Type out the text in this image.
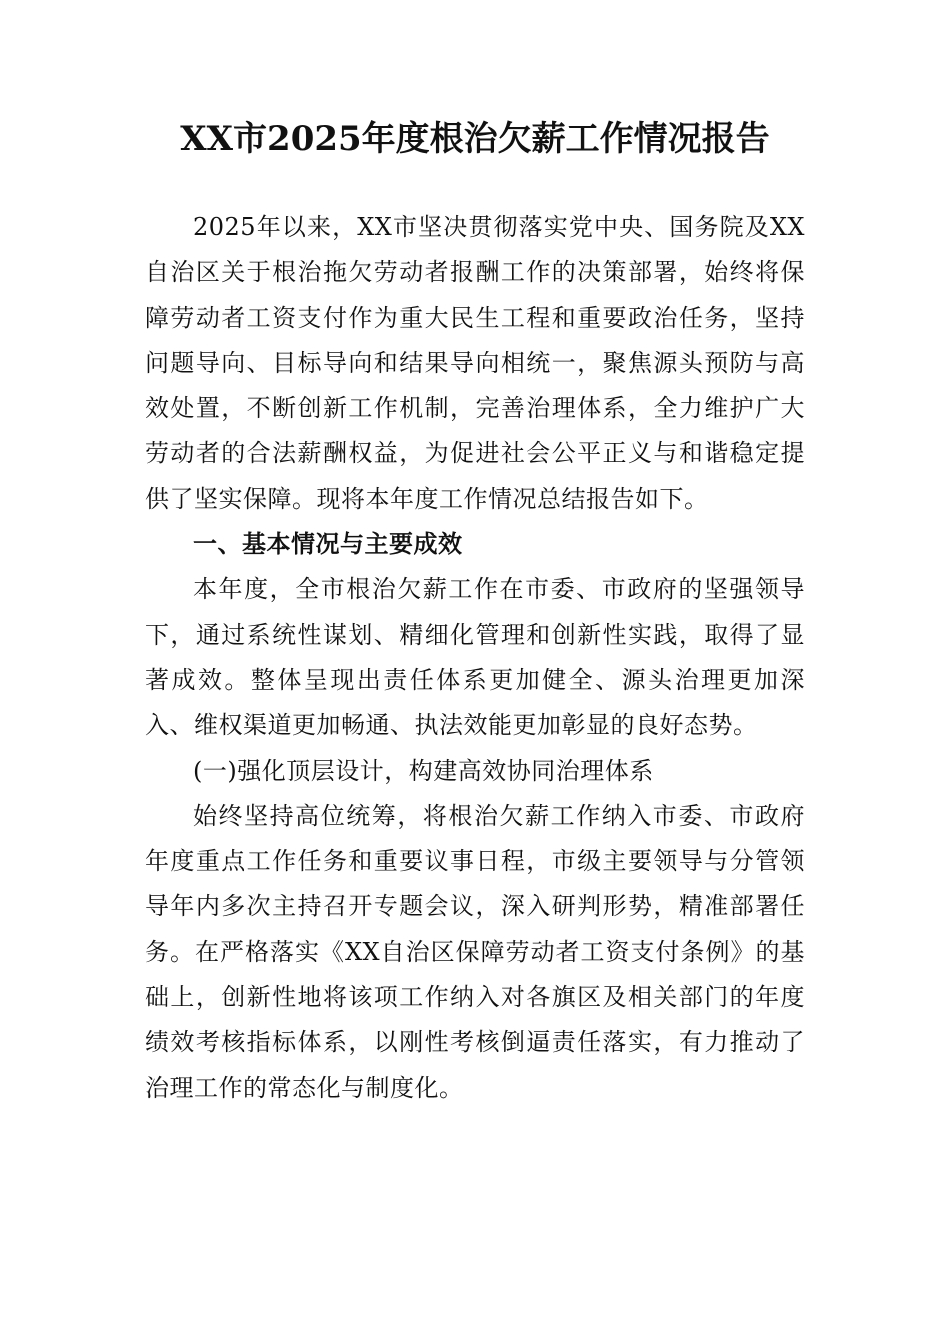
XX市2025年度根治欠薪工作情况报告

2025年以来，XX市坚决贯彻落实党中央、国务院及XX自治区关于根治拖欠劳动者报酬工作的决策部署，始终将保障劳动者工资支付作为重大民生工程和重要政治任务，坚持问题导向、目标导向和结果导向相统一，聚焦源头预防与高效处置，不断创新工作机制，完善治理体系，全力维护广大劳动者的合法薪酬权益，为促进社会公平正义与和谐稳定提供了坚实保障。现将本年度工作情况总结报告如下。

一、基本情况与主要成效

本年度，全市根治欠薪工作在市委、市政府的坚强领导下，通过系统性谋划、精细化管理和创新性实践，取得了显著成效。整体呈现出责任体系更加健全、源头治理更加深入、维权渠道更加畅通、执法效能更加彰显的良好态势。

(一)强化顶层设计，构建高效协同治理体系

始终坚持高位统筹，将根治欠薪工作纳入市委、市政府年度重点工作任务和重要议事日程，市级主要领导与分管领导年内多次主持召开专题会议，深入研判形势，精准部署任务。在严格落实《XX自治区保障劳动者工资支付条例》的基础上，创新性地将该项工作纳入对各旗区及相关部门的年度绩效考核指标体系，以刚性考核倒逼责任落实，有力推动了治理工作的常态化与制度化。
